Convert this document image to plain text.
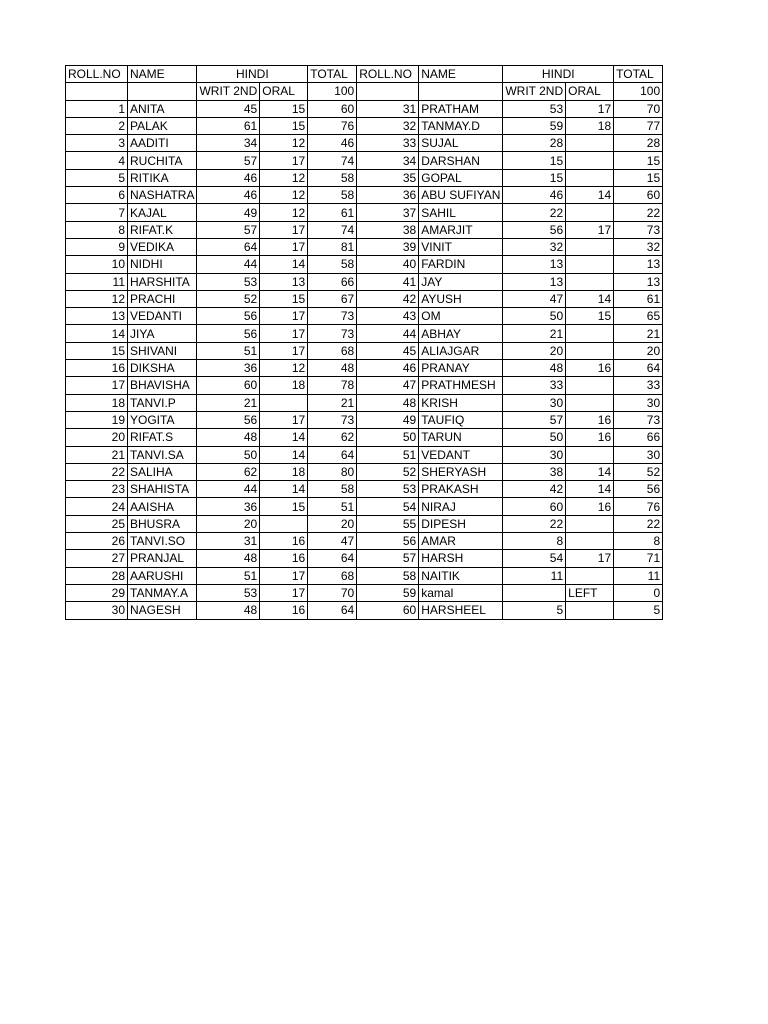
ROLL.NO	NAME	HINDI		TOTAL	ROLL.NO	NAME	HINDI		TOTAL
		WRIT 2ND	ORAL	100			WRIT 2ND	ORAL	100
1	ANITA	45	15	60	31	PRATHAM	53	17	70
2	PALAK	61	15	76	32	TANMAY.D	59	18	77
3	AADITI	34	12	46	33	SUJAL	28		28
4	RUCHITA	57	17	74	34	DARSHAN	15		15
5	RITIKA	46	12	58	35	GOPAL	15		15
6	NASHATRA	46	12	58	36	ABU SUFIYAN	46	14	60
7	KAJAL	49	12	61	37	SAHIL	22		22
8	RIFAT.K	57	17	74	38	AMARJIT	56	17	73
9	VEDIKA	64	17	81	39	VINIT	32		32
10	NIDHI	44	14	58	40	FARDIN	13		13
11	HARSHITA	53	13	66	41	JAY	13		13
12	PRACHI	52	15	67	42	AYUSH	47	14	61
13	VEDANTI	56	17	73	43	OM	50	15	65
14	JIYA	56	17	73	44	ABHAY	21		21
15	SHIVANI	51	17	68	45	ALIAJGAR	20		20
16	DIKSHA	36	12	48	46	PRANAY	48	16	64
17	BHAVISHA	60	18	78	47	PRATHMESH	33		33
18	TANVI.P	21		21	48	KRISH	30		30
19	YOGITA	56	17	73	49	TAUFIQ	57	16	73
20	RIFAT.S	48	14	62	50	TARUN	50	16	66
21	TANVI.SA	50	14	64	51	VEDANT	30		30
22	SALIHA	62	18	80	52	SHERYASH	38	14	52
23	SHAHISTA	44	14	58	53	PRAKASH	42	14	56
24	AAISHA	36	15	51	54	NIRAJ	60	16	76
25	BHUSRA	20		20	55	DIPESH	22		22
26	TANVI.SO	31	16	47	56	AMAR	8		8
27	PRANJAL	48	16	64	57	HARSH	54	17	71
28	AARUSHI	51	17	68	58	NAITIK	11		11
29	TANMAY.A	53	17	70	59	kamal		LEFT	0
30	NAGESH	48	16	64	60	HARSHEEL	5		5
